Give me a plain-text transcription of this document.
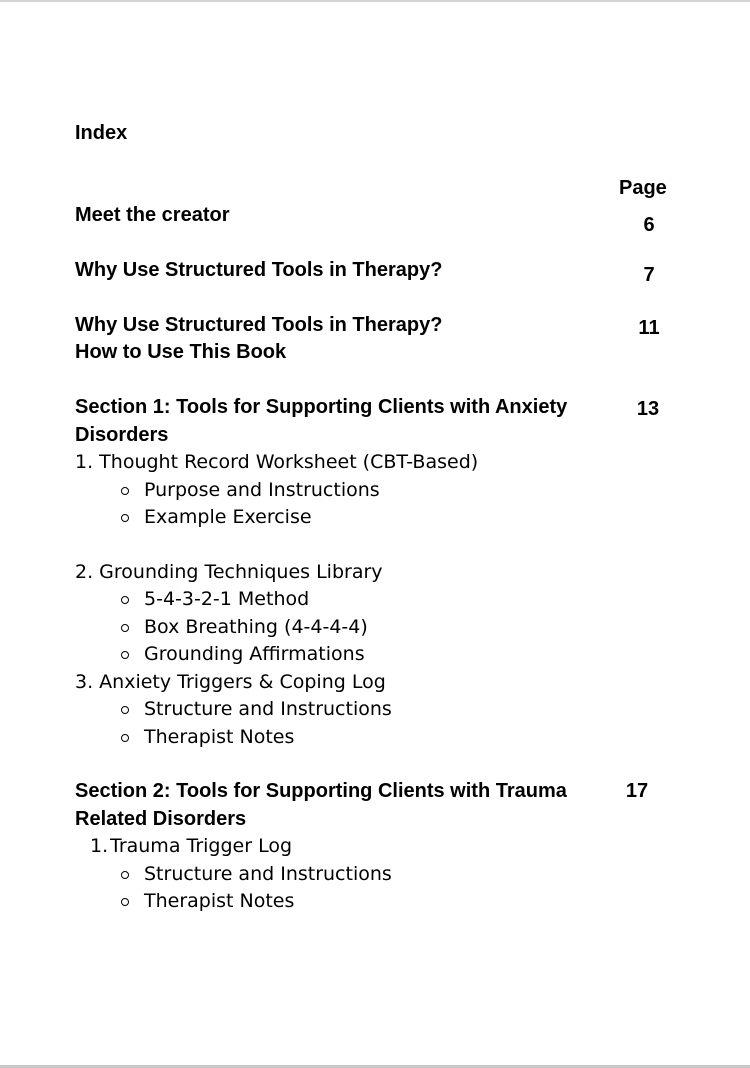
Index
Page
Meet the creator	6
Why Use Structured Tools in Therapy?	7
Why Use Structured Tools in Therapy?
How to Use This Book
11
Section 1: Tools for Supporting Clients with Anxiety
Disorders
13
1. Thought Record Worksheet (CBT-Based)
Purpose and Instructions
Example Exercise
2. Grounding Techniques Library
5-4-3-2-1 Method
Box Breathing (4-4-4-4)
Grounding Affirmations
3. Anxiety Triggers & Coping Log
Structure and Instructions
Therapist Notes
Section 2: Tools for Supporting Clients with Trauma
Related Disorders
17
1. Trauma Trigger Log
Structure and Instructions
Therapist Notes
